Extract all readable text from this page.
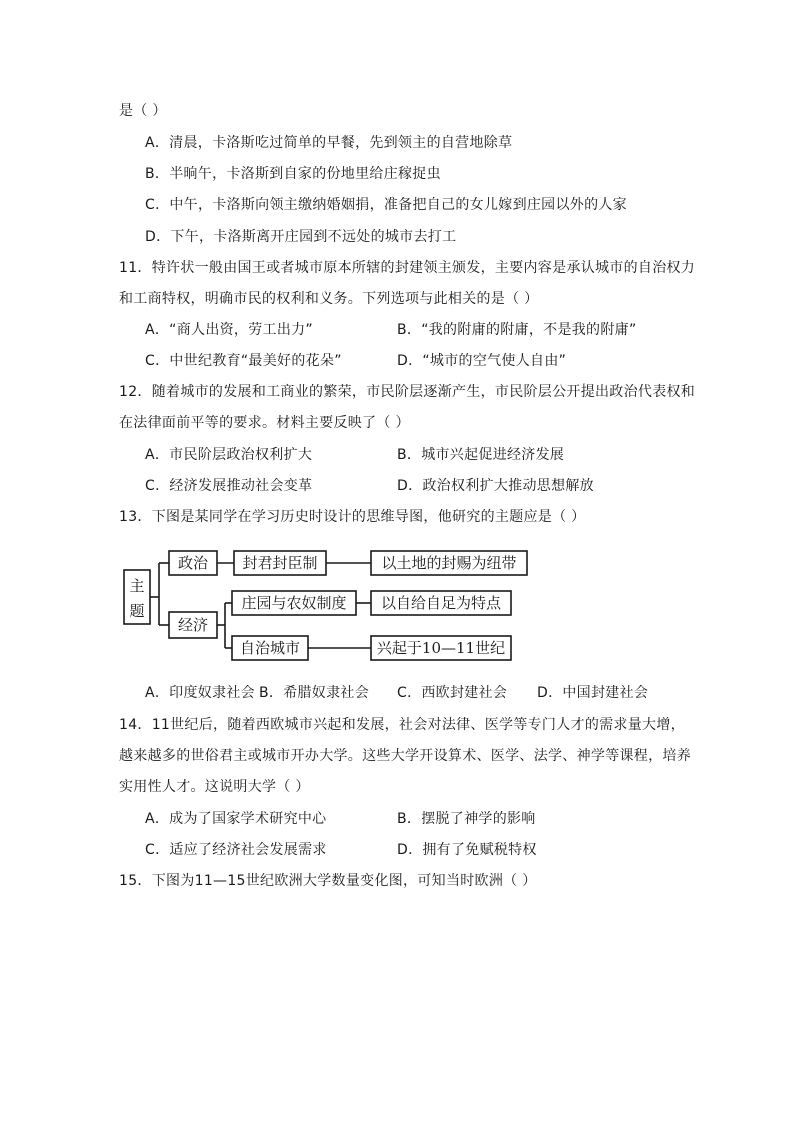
是（ ）
A．清晨，卡洛斯吃过简单的早餐，先到领主的自营地除草
B．半晌午，卡洛斯到自家的份地里给庄稼捉虫
C．中午，卡洛斯向领主缴纳婚姻捐，准备把自己的女儿嫁到庄园以外的人家
D．下午，卡洛斯离开庄园到不远处的城市去打工
11．特许状一般由国王或者城市原本所辖的封建领主颁发，主要内容是承认城市的自治权力
和工商特权，明确市民的权利和义务。下列选项与此相关的是（ ）
A．“商人出资，劳工出力”	B．“我的附庸的附庸，不是我的附庸”
C．中世纪教育“最美好的花朵”	D．“城市的空气使人自由”
12．随着城市的发展和工商业的繁荣，市民阶层逐渐产生，市民阶层公开提出政治代表权和
在法律面前平等的要求。材料主要反映了（ ）
A．市民阶层政治权利扩大	B．城市兴起促进经济发展
C．经济发展推动社会变革	D．政治权利扩大推动思想解放
13．下图是某同学在学习历史时设计的思维导图，他研究的主题应是（ ）
主
题
政治 封君封臣制	以土地的封赐为纽带
经济
庄园与农奴制度 以自给自足为特点
自治城市	兴起于10—11世纪
A．印度奴隶社会 B．希腊奴隶社会 C．西欧封建社会 D．中国封建社会
14．11世纪后，随着西欧城市兴起和发展，社会对法律、医学等专门人才的需求量大增，
越来越多的世俗君主或城市开办大学。这些大学开设算术、医学、法学、神学等课程，培养
实用性人才。这说明大学（ ）
A．成为了国家学术研究中心	B．摆脱了神学的影响
C．适应了经济社会发展需求	D．拥有了免赋税特权
15．下图为11—15世纪欧洲大学数量变化图，可知当时欧洲（ ）
